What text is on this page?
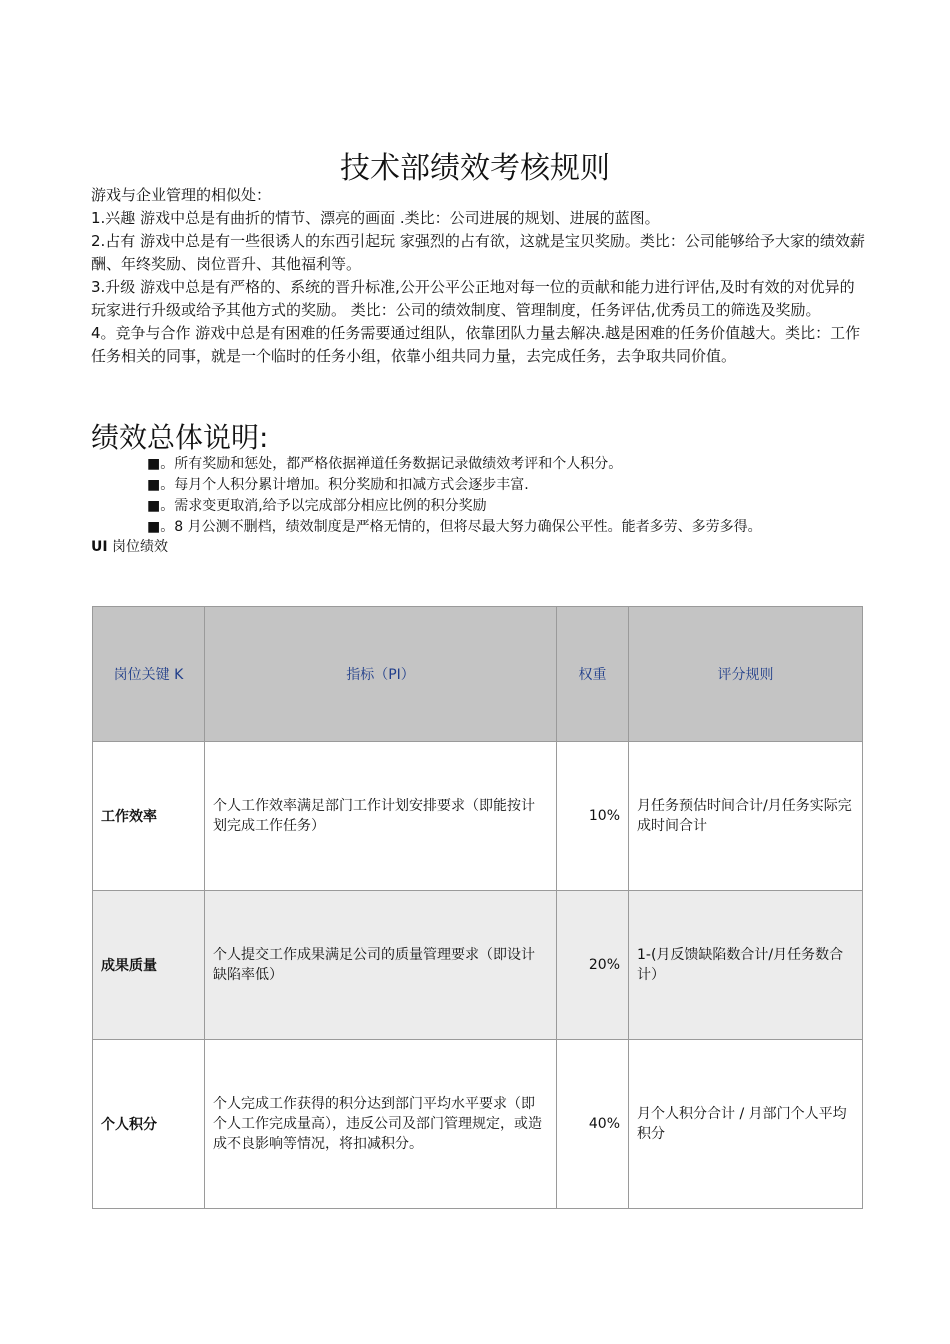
技术部绩效考核规则

游戏与企业管理的相似处：

1.兴趣 游戏中总是有曲折的情节、漂亮的画面 .类比：公司进展的规划、进展的蓝图。

2.占有 游戏中总是有一些很诱人的东西引起玩 家强烈的占有欲，这就是宝贝奖励。类比：公司能够给予大家的绩效薪酬、年终奖励、岗位晋升、其他福利等。

3.升级 游戏中总是有严格的、系统的晋升标准,公开公平公正地对每一位的贡献和能力进行评估,及时有效的对优异的玩家进行升级或给予其他方式的奖励。 类比：公司的绩效制度、管理制度，任务评估,优秀员工的筛选及奖励。

4。竞争与合作 游戏中总是有困难的任务需要通过组队，依靠团队力量去解决.越是困难的任务价值越大。类比：工作任务相关的同事，就是一个临时的任务小组，依靠小组共同力量，去完成任务，去争取共同价值。

绩效总体说明:
■。所有奖励和惩处，都严格依据禅道任务数据记录做绩效考评和个人积分。
■。每月个人积分累计增加。积分奖励和扣减方式会逐步丰富.
■。需求变更取消,给予以完成部分相应比例的积分奖励
■。8 月公测不删档，绩效制度是严格无情的，但将尽最大努力确保公平性。能者多劳、多劳多得。
UI 岗位绩效
岗位关键 K	指标（PI）	权重	评分规则
工作效率	个人工作效率满足部门工作计划安排要求（即能按计划完成工作任务）	10%	月任务预估时间合计/月任务实际完成时间合计
成果质量	个人提交工作成果满足公司的质量管理要求（即设计缺陷率低）	20%	1-(月反馈缺陷数合计/月任务数合计）
个人积分	个人完成工作获得的积分达到部门平均水平要求（即个人工作完成量高），违反公司及部门管理规定，或造成不良影响等情况，将扣减积分。	40%	月个人积分合计 / 月部门个人平均积分
